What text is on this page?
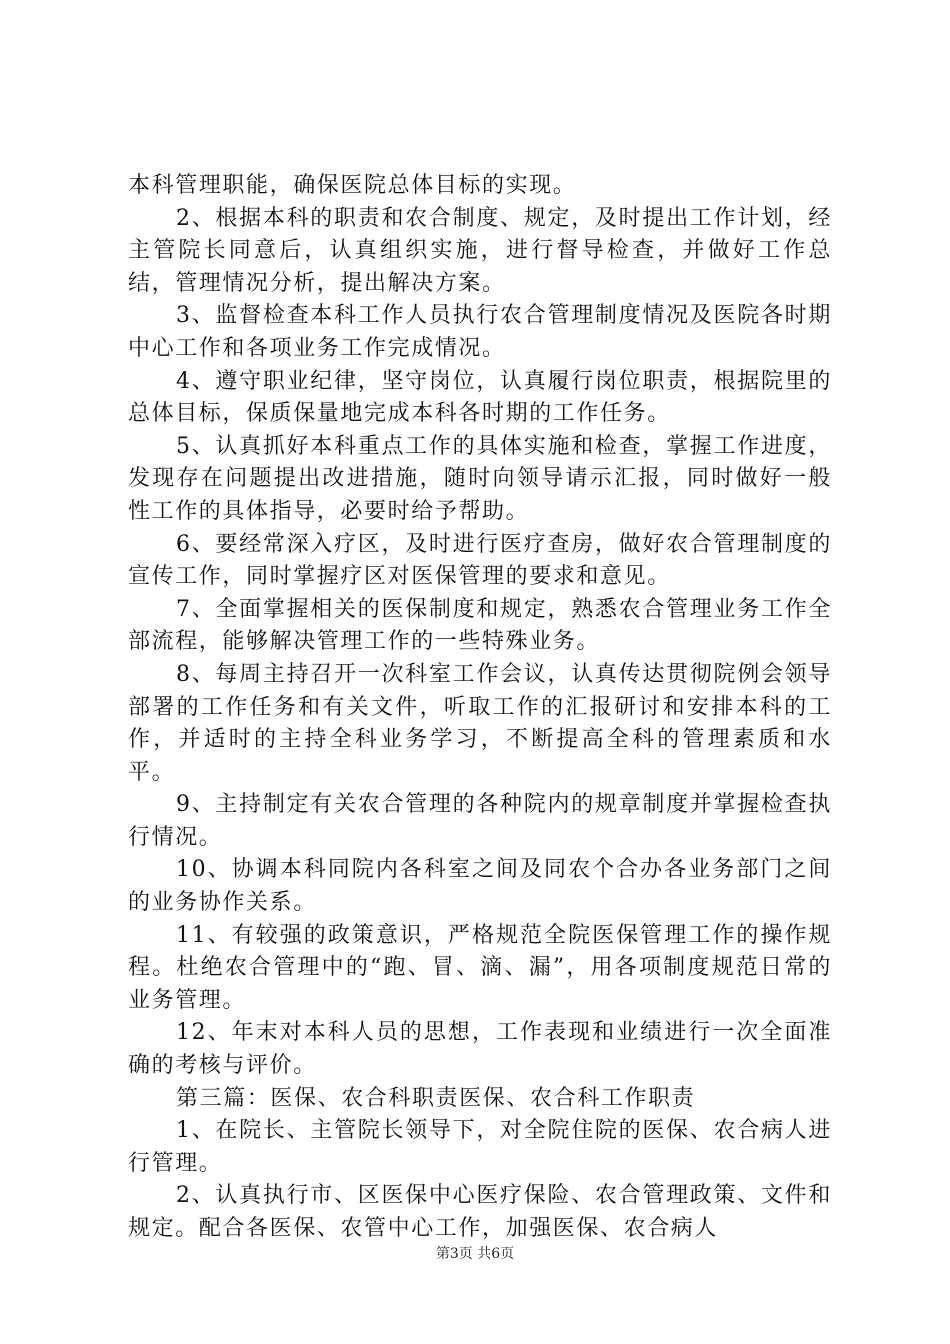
本科管理职能，确保医院总体目标的实现。

2、根据本科的职责和农合制度、规定，及时提出工作计划，经主管院长同意后，认真组织实施，进行督导检查，并做好工作总结，管理情况分析，提出解决方案。

3、监督检查本科工作人员执行农合管理制度情况及医院各时期中心工作和各项业务工作完成情况。

4、遵守职业纪律，坚守岗位，认真履行岗位职责，根据院里的总体目标，保质保量地完成本科各时期的工作任务。

5、认真抓好本科重点工作的具体实施和检查，掌握工作进度，发现存在问题提出改进措施，随时向领导请示汇报，同时做好一般性工作的具体指导，必要时给予帮助。

6、要经常深入疗区，及时进行医疗查房，做好农合管理制度的宣传工作，同时掌握疗区对医保管理的要求和意见。

7、全面掌握相关的医保制度和规定，熟悉农合管理业务工作全部流程，能够解决管理工作的一些特殊业务。

8、每周主持召开一次科室工作会议，认真传达贯彻院例会领导部署的工作任务和有关文件，听取工作的汇报研讨和安排本科的工作，并适时的主持全科业务学习，不断提高全科的管理素质和水平。

9、主持制定有关农合管理的各种院内的规章制度并掌握检查执行情况。

10、协调本科同院内各科室之间及同农个合办各业务部门之间的业务协作关系。

11、有较强的政策意识，严格规范全院医保管理工作的操作规程。杜绝农合管理中的“跑、冒、滴、漏”，用各项制度规范日常的业务管理。

12、年末对本科人员的思想，工作表现和业绩进行一次全面准确的考核与评价。

第三篇：医保、农合科职责医保、农合科工作职责

1、在院长、主管院长领导下，对全院住院的医保、农合病人进行管理。

2、认真执行市、区医保中心医疗保险、农合管理政策、文件和规定。配合各医保、农管中心工作，加强医保、农合病人

第3页 共6页
